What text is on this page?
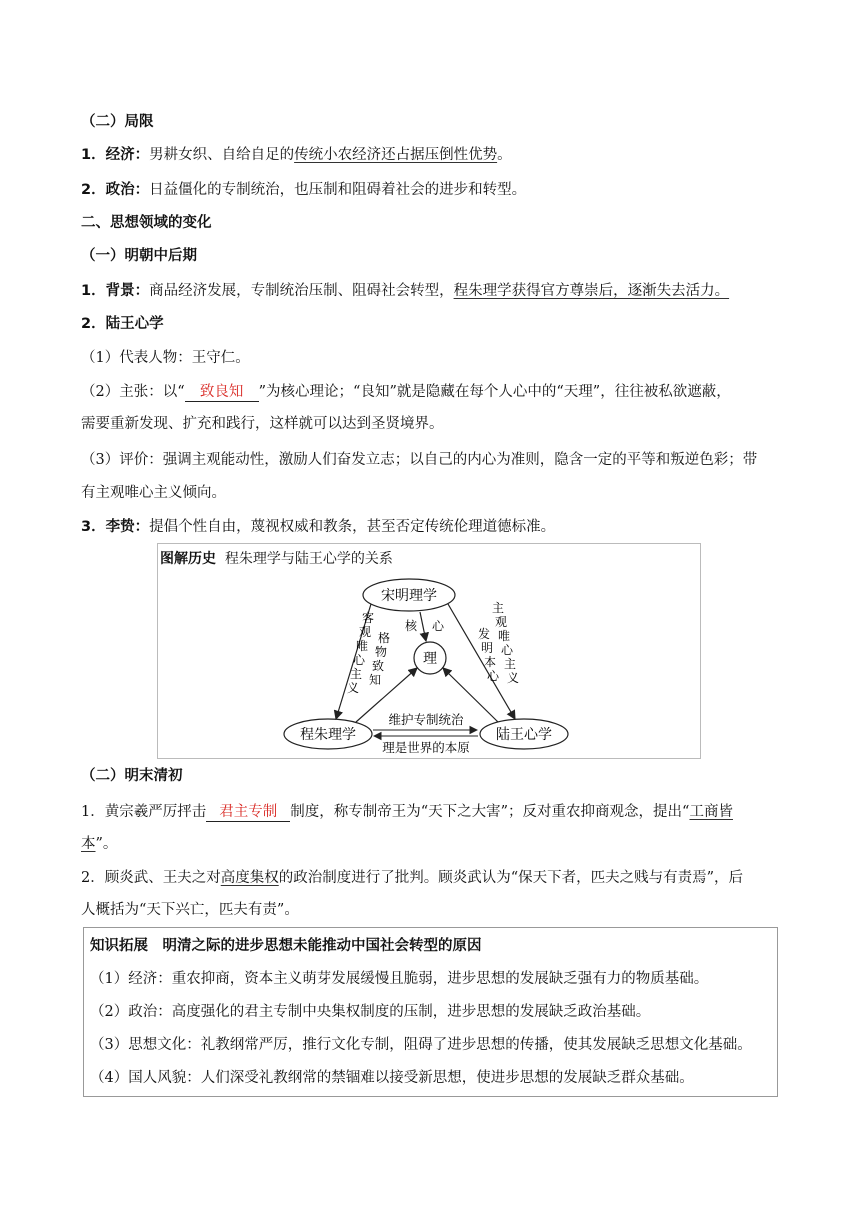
（二）局限
1．经济：男耕女织、自给自足的传统小农经济还占据压倒性优势。
2．政治：日益僵化的专制统治，也压制和阻碍着社会的进步和转型。
二、思想领域的变化
（一）明朝中后期
1．背景：商品经济发展，专制统治压制、阻碍社会转型，程朱理学获得官方尊崇后，逐渐失去活力。
2．陆王心学
（1）代表人物：王守仁。
（2）主张：以“ 致良知 ”为核心理论；“良知”就是隐藏在每个人心中的“天理”，往往被私欲遮蔽，
需要重新发现、扩充和践行，这样就可以达到圣贤境界。
（3）评价：强调主观能动性，激励人们奋发立志；以自己的内心为准则，隐含一定的平等和叛逆色彩；带
有主观唯心主义倾向。
3．李贽：提倡个性自由，蔑视权威和教条，甚至否定传统伦理道德标准。
图解历史 程朱理学与陆王心学的关系
宋明理学
理
程朱理学	陆王心学
核 心
客
观
唯
心
主
义
格
物
致
知
主
观
唯
心
主
义
发
明
本
心
维护专制统治
理是世界的本原
（二）明末清初
1．黄宗羲严厉抨击 君主专制 制度，称专制帝王为“天下之大害”；反对重农抑商观念，提出“工商皆
本”。
2．顾炎武、王夫之对高度集权的政治制度进行了批判。顾炎武认为“保天下者，匹夫之贱与有责焉”，后
人概括为“天下兴亡，匹夫有责”。
知识拓展　明清之际的进步思想未能推动中国社会转型的原因
（1）经济：重农抑商，资本主义萌芽发展缓慢且脆弱，进步思想的发展缺乏强有力的物质基础。
（2）政治：高度强化的君主专制中央集权制度的压制，进步思想的发展缺乏政治基础。
（3）思想文化：礼教纲常严厉，推行文化专制，阻碍了进步思想的传播，使其发展缺乏思想文化基础。
（4）国人风貌：人们深受礼教纲常的禁锢难以接受新思想，使进步思想的发展缺乏群众基础。
